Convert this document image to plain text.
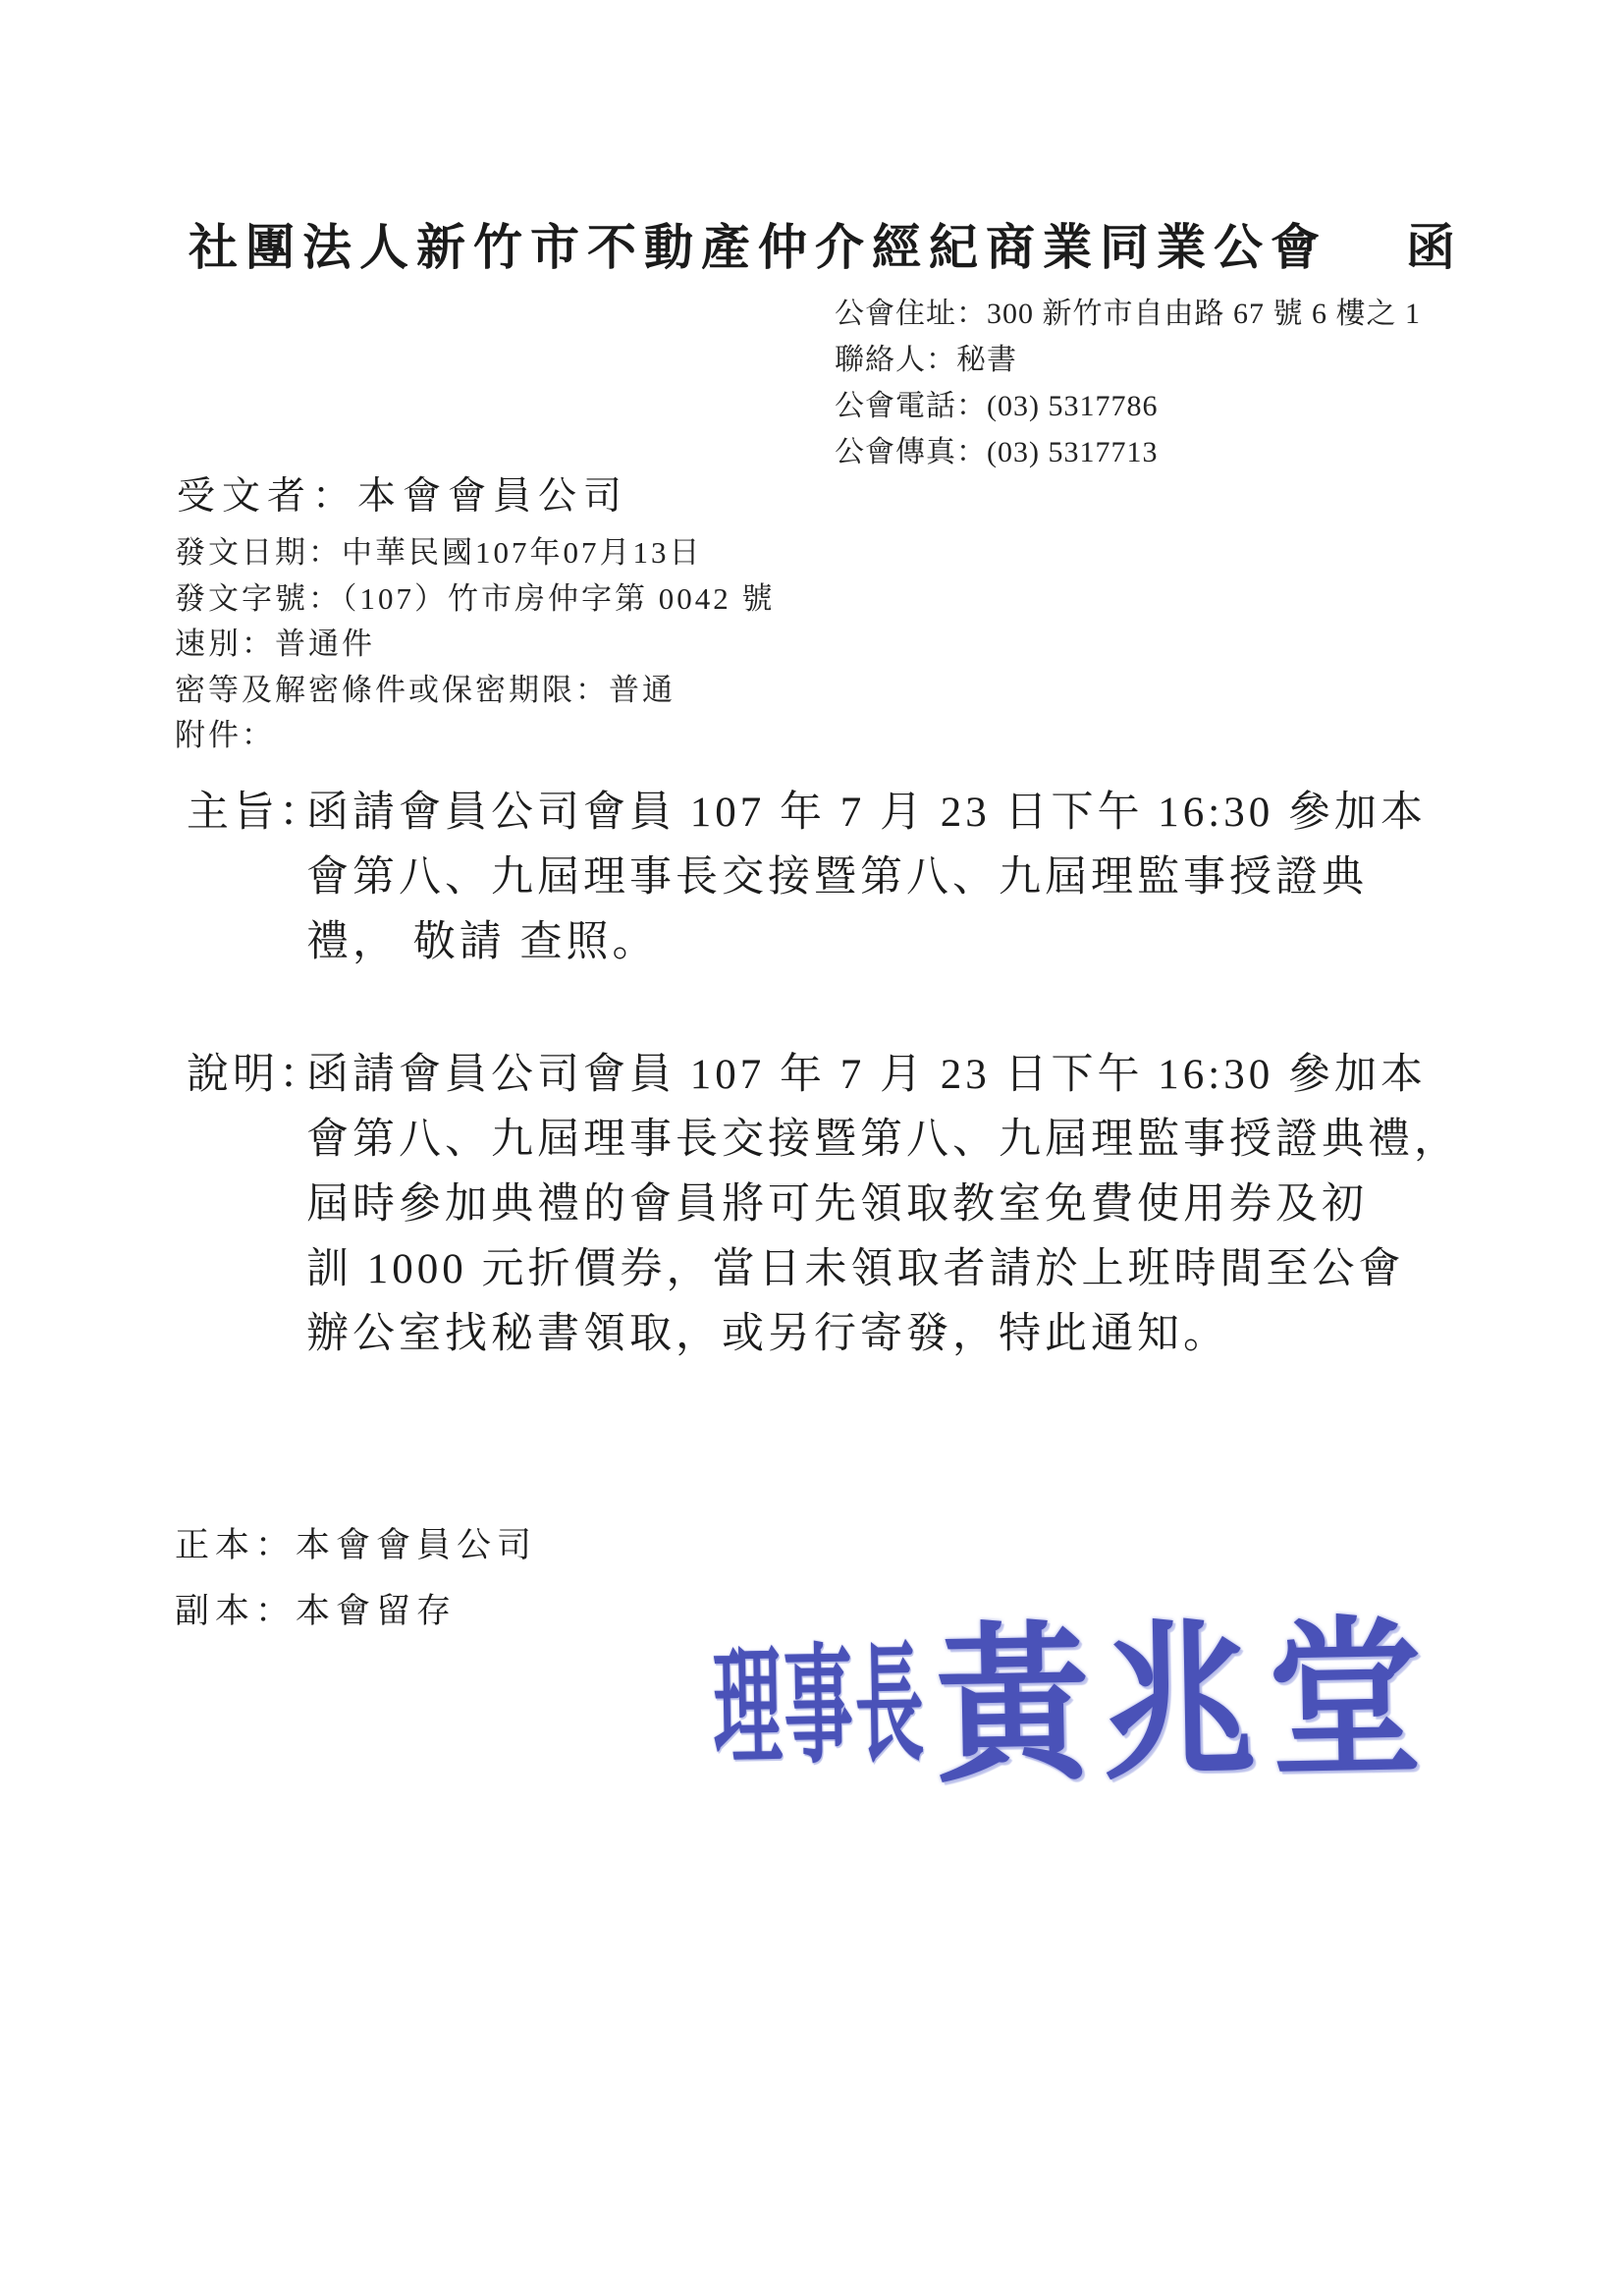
社團法人新竹市不動產仲介經紀商業同業公會 函
公會住址：300 新竹市自由路 67 號 6 樓之 1
聯絡人：秘書
公會電話：(03) 5317786
公會傳真：(03) 5317713
受文者：本會會員公司
發文日期：中華民國107年07月13日
發文字號：（107）竹市房仲字第 0042 號
速別：普通件
密等及解密條件或保密期限：普通
附件：
主旨：
函請會員公司會員 107 年 7 月 23 日下午 16:30 參加本
會第八、九屆理事長交接暨第八、九屆理監事授證典
禮， 敬請 查照。
說明：
函請會員公司會員 107 年 7 月 23 日下午 16:30 參加本
會第八、九屆理事長交接暨第八、九屆理監事授證典禮，
屆時參加典禮的會員將可先領取教室免費使用券及初
訓 1000 元折價券，當日未領取者請於上班時間至公會
辦公室找秘書領取，或另行寄發，特此通知。
正本：本會會員公司
副本：本會留存
理事長 黃兆堂
